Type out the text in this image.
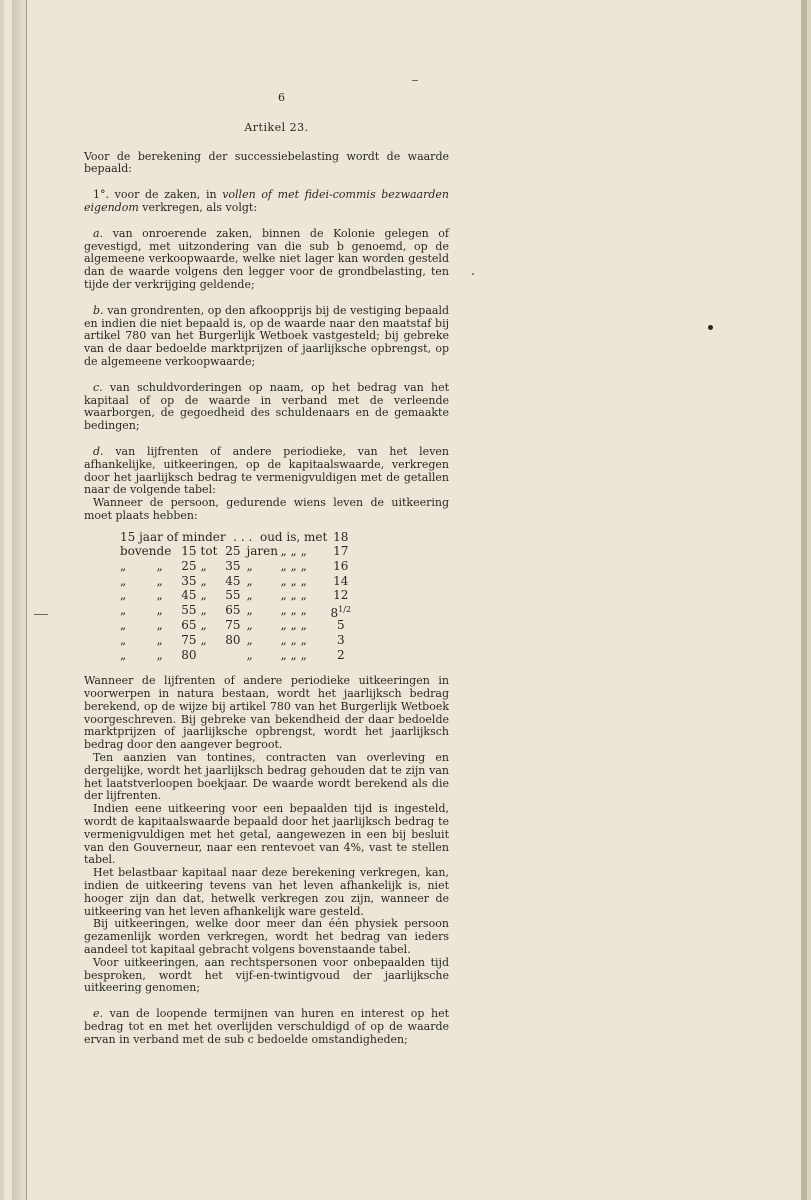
6
Artikel 23.

Voor de berekening der successiebelasting wordt de waarde bepaald:

1°. voor de zaken, in vollen of met fidei-commis bezwaarden eigendom verkregen, als volgt:

a. van onroerende zaken, binnen de Kolonie gelegen of gevestigd, met uitzondering van die sub b genoemd, op de algemeene verkoopwaarde, welke niet lager kan worden gesteld dan de waarde volgens den legger voor de grondbelasting, ten tijde der verkrijging geldende;

b. van grondrenten, op den afkoopprijs bij de vestiging bepaald en indien die niet bepaald is, op de waarde naar den maatstaf bij artikel 780 van het Burgerlijk Wetboek vastgesteld; bij gebreke van de daar bedoelde marktprijzen of jaarlijksche opbrengst, op de algemeene verkoopwaarde;

c. van schuldvorderingen op naam, op het bedrag van het kapitaal of op de waarde in verband met de verleende waarborgen, de gegoedheid des schuldenaars en de gemaakte bedingen;

d. van lijfrenten of andere periodieke, van het leven afhankelijke, uitkeeringen, op de kapitaalswaarde, verkregen door het jaarlijksch bedrag te vermenigvuldigen met de getallen naar de volgende tabel:

Wanneer de persoon, gedurende wiens leven de uitkeering moet plaats hebben:

15 jaar of minder . . . oud is, met							18
boven	de	15	tot	25	jaren	„ „ „	17
„	„	25	„	35	„	„ „ „	16
„	„	35	„	45	„	„ „ „	14
„	„	45	„	55	„	„ „ „	12
„	„	55	„	65	„	„ „ „	$8^{1/2}$
„	„	65	„	75	„	„ „ „	5
„	„	75	„	80	„	„ „ „	3
„	„	80			„	„ „ „	2

Wanneer de lijfrenten of andere periodieke uitkeeringen in voorwerpen in natura bestaan, wordt het jaarlijksch bedrag berekend, op de wijze bij artikel 780 van het Burgerlijk Wetboek voorgeschreven. Bij gebreke van bekendheid der daar bedoelde marktprijzen of jaarlijksche opbrengst, wordt het jaarlijksch bedrag door den aangever begroot.

Ten aanzien van tontines, contracten van overleving en dergelijke, wordt het jaarlijksch bedrag gehouden dat te zijn van het laatstverloopen boekjaar. De waarde wordt berekend als die der lijfrenten.

Indien eene uitkeering voor een bepaalden tijd is ingesteld, wordt de kapitaalswaarde bepaald door het jaarlijksch bedrag te vermenigvuldigen met het getal, aangewezen in een bij besluit van den Gouverneur, naar een rentevoet van 4%, vast te stellen tabel.

Het belastbaar kapitaal naar deze berekening verkregen, kan, indien de uitkeering tevens van het leven afhankelijk is, niet hooger zijn dan dat, hetwelk verkregen zou zijn, wanneer de uitkeering van het leven afhankelijk ware gesteld.

Bij uitkeeringen, welke door meer dan één physiek persoon gezamenlijk worden verkregen, wordt het bedrag van ieders aandeel tot kapitaal gebracht volgens bovenstaande tabel.

Voor uitkeeringen, aan rechtspersonen voor onbepaalden tijd besproken, wordt het vijf-en-twintigvoud der jaarlijksche uitkeering genomen;

e. van de loopende termijnen van huren en interest op het bedrag tot en met het overlijden verschuldigd of op de waarde ervan in verband met de sub c bedoelde omstandigheden;
